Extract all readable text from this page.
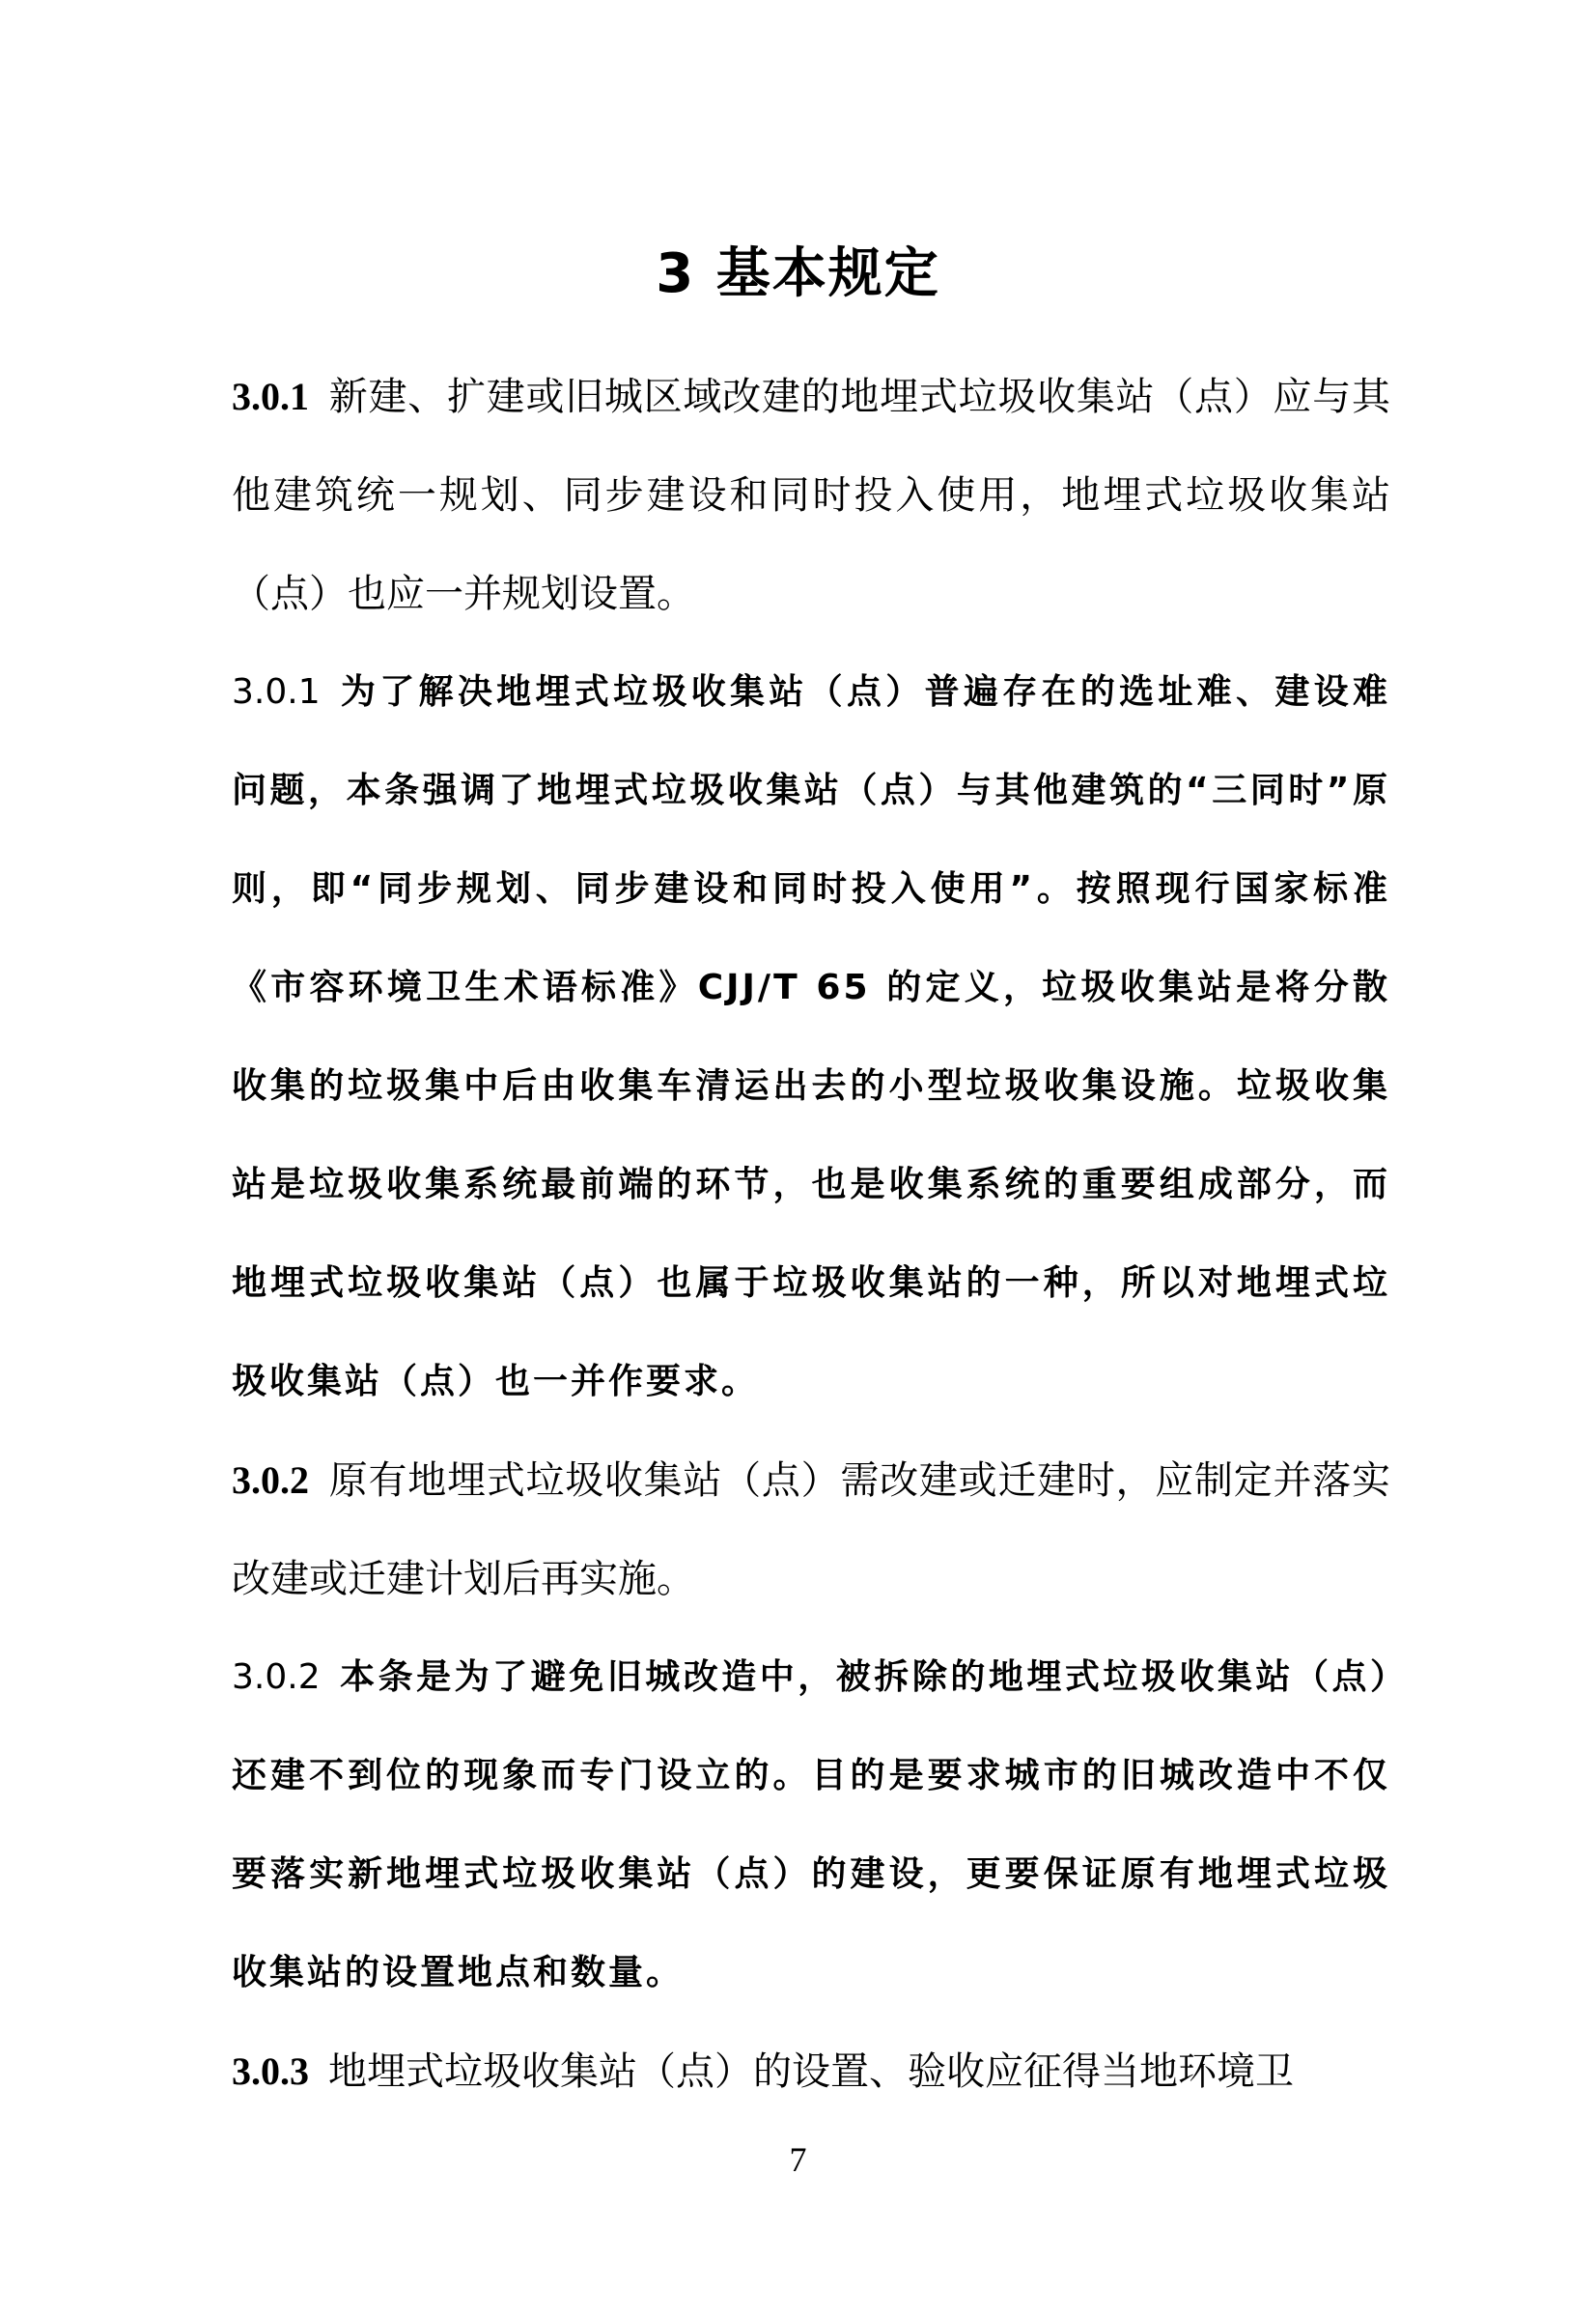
3 基本规定

3.0.1 新建、扩建或旧城区域改建的地埋式垃圾收集站（点）应与其他建筑统一规划、同步建设和同时投入使用，地埋式垃圾收集站（点）也应一并规划设置。

3.0.1 为了解决地埋式垃圾收集站（点）普遍存在的选址难、建设难问题，本条强调了地埋式垃圾收集站（点）与其他建筑的“三同时”原则，即“同步规划、同步建设和同时投入使用”。按照现行国家标准《市容环境卫生术语标准》CJJ/T 65 的定义，垃圾收集站是将分散收集的垃圾集中后由收集车清运出去的小型垃圾收集设施。垃圾收集站是垃圾收集系统最前端的环节，也是收集系统的重要组成部分，而地埋式垃圾收集站（点）也属于垃圾收集站的一种，所以对地埋式垃圾收集站（点）也一并作要求。

3.0.2 原有地埋式垃圾收集站（点）需改建或迁建时，应制定并落实改建或迁建计划后再实施。

3.0.2 本条是为了避免旧城改造中，被拆除的地埋式垃圾收集站（点）还建不到位的现象而专门设立的。目的是要求城市的旧城改造中不仅要落实新地埋式垃圾收集站（点）的建设，更要保证原有地埋式垃圾收集站的设置地点和数量。

3.0.3 地埋式垃圾收集站（点）的设置、验收应征得当地环境卫

7
